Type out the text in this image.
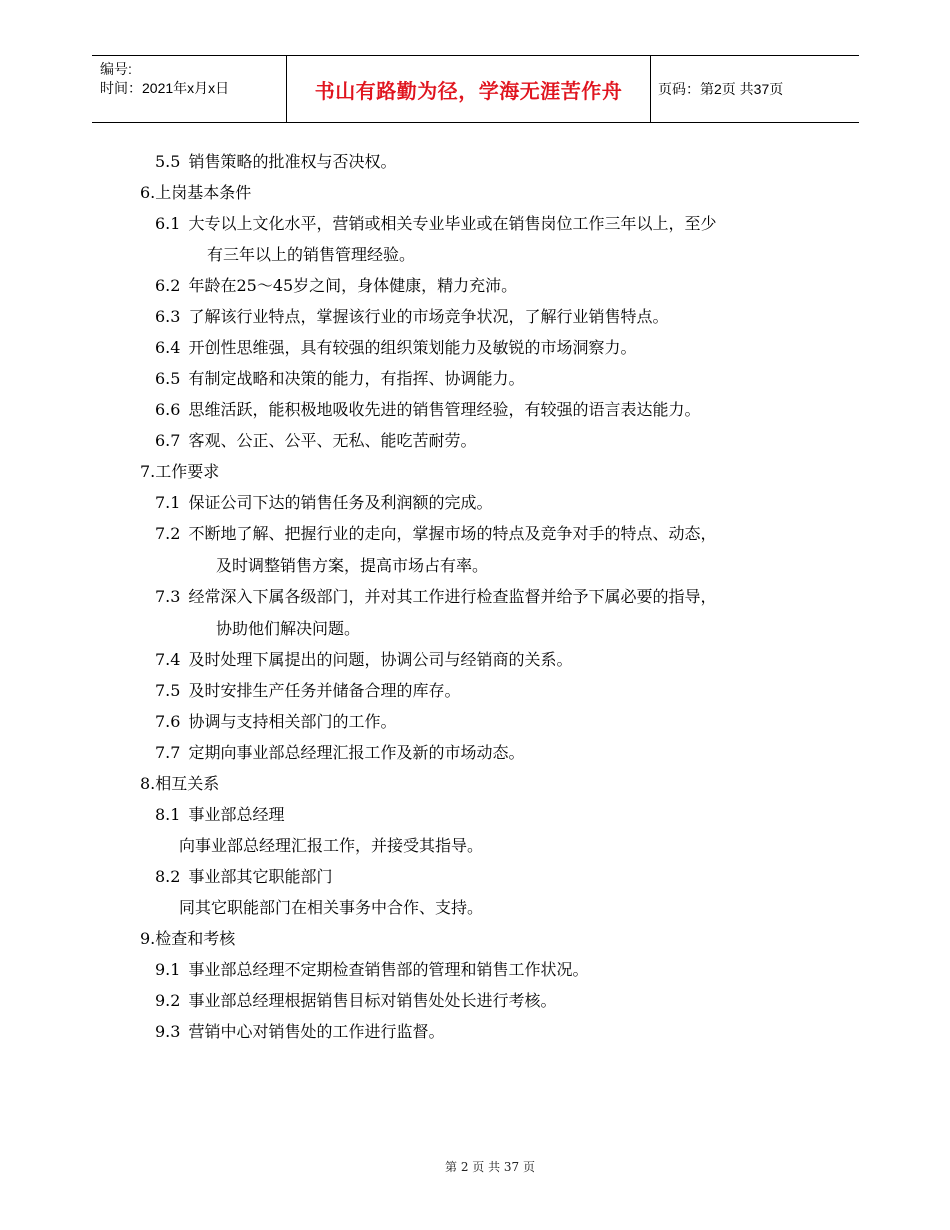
编号:
时间：2021年x月x日	书山有路勤为径，学海无涯苦作舟	页码：第2页 共37页
5.5 销售策略的批准权与否决权。
6.上岗基本条件
6.1 大专以上文化水平，营销或相关专业毕业或在销售岗位工作三年以上，至少
有三年以上的销售管理经验。
6.2 年龄在25～45岁之间，身体健康，精力充沛。
6.3 了解该行业特点，掌握该行业的市场竞争状况，了解行业销售特点。
6.4 开创性思维强，具有较强的组织策划能力及敏锐的市场洞察力。
6.5 有制定战略和决策的能力，有指挥、协调能力。
6.6 思维活跃，能积极地吸收先进的销售管理经验，有较强的语言表达能力。
6.7 客观、公正、公平、无私、能吃苦耐劳。
7.工作要求
7.1 保证公司下达的销售任务及利润额的完成。
7.2 不断地了解、把握行业的走向，掌握市场的特点及竞争对手的特点、动态，
及时调整销售方案，提高市场占有率。
7.3 经常深入下属各级部门，并对其工作进行检查监督并给予下属必要的指导，
协助他们解决问题。
7.4 及时处理下属提出的问题，协调公司与经销商的关系。
7.5 及时安排生产任务并储备合理的库存。
7.6 协调与支持相关部门的工作。
7.7 定期向事业部总经理汇报工作及新的市场动态。
8.相互关系
8.1 事业部总经理
向事业部总经理汇报工作，并接受其指导。
8.2 事业部其它职能部门
同其它职能部门在相关事务中合作、支持。
9.检查和考核
9.1 事业部总经理不定期检查销售部的管理和销售工作状况。
9.2 事业部总经理根据销售目标对销售处处长进行考核。
9.3 营销中心对销售处的工作进行监督。
第 2 页 共 37 页
